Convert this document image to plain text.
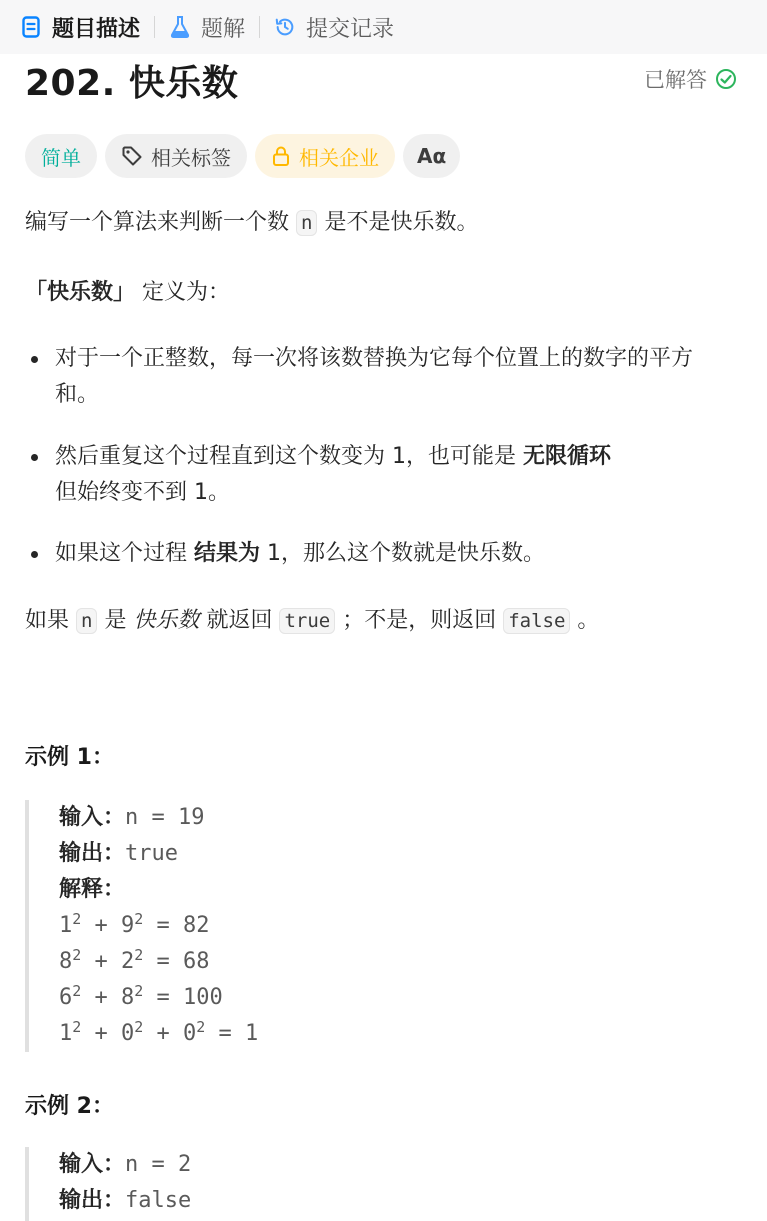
题目描述	题解	提交记录
202. 快乐数	已解答
简单	相关标签	相关企业 Aα
编写一个算法来判断一个数 n 是不是快乐数。
「快乐数」 定义为：
对于一个正整数，每一次将该数替换为它每个位置上的数字的平方和。
然后重复这个过程直到这个数变为 1，也可能是 无限循环
但始终变不到 1。
如果这个过程 结果为 1，那么这个数就是快乐数。
如果 n 是 快乐数 就返回 true ；不是，则返回 false 。
示例 1：
输入：n = 19
输出：true
解释：
$1^2 + 9^2 = 82$
$8^2 + 2^2 = 68$
$6^2 + 8^2 = 100$
$1^2 + 0^2 + 0^2 = 1$
示例 2：
输入：n = 2
输出：false
